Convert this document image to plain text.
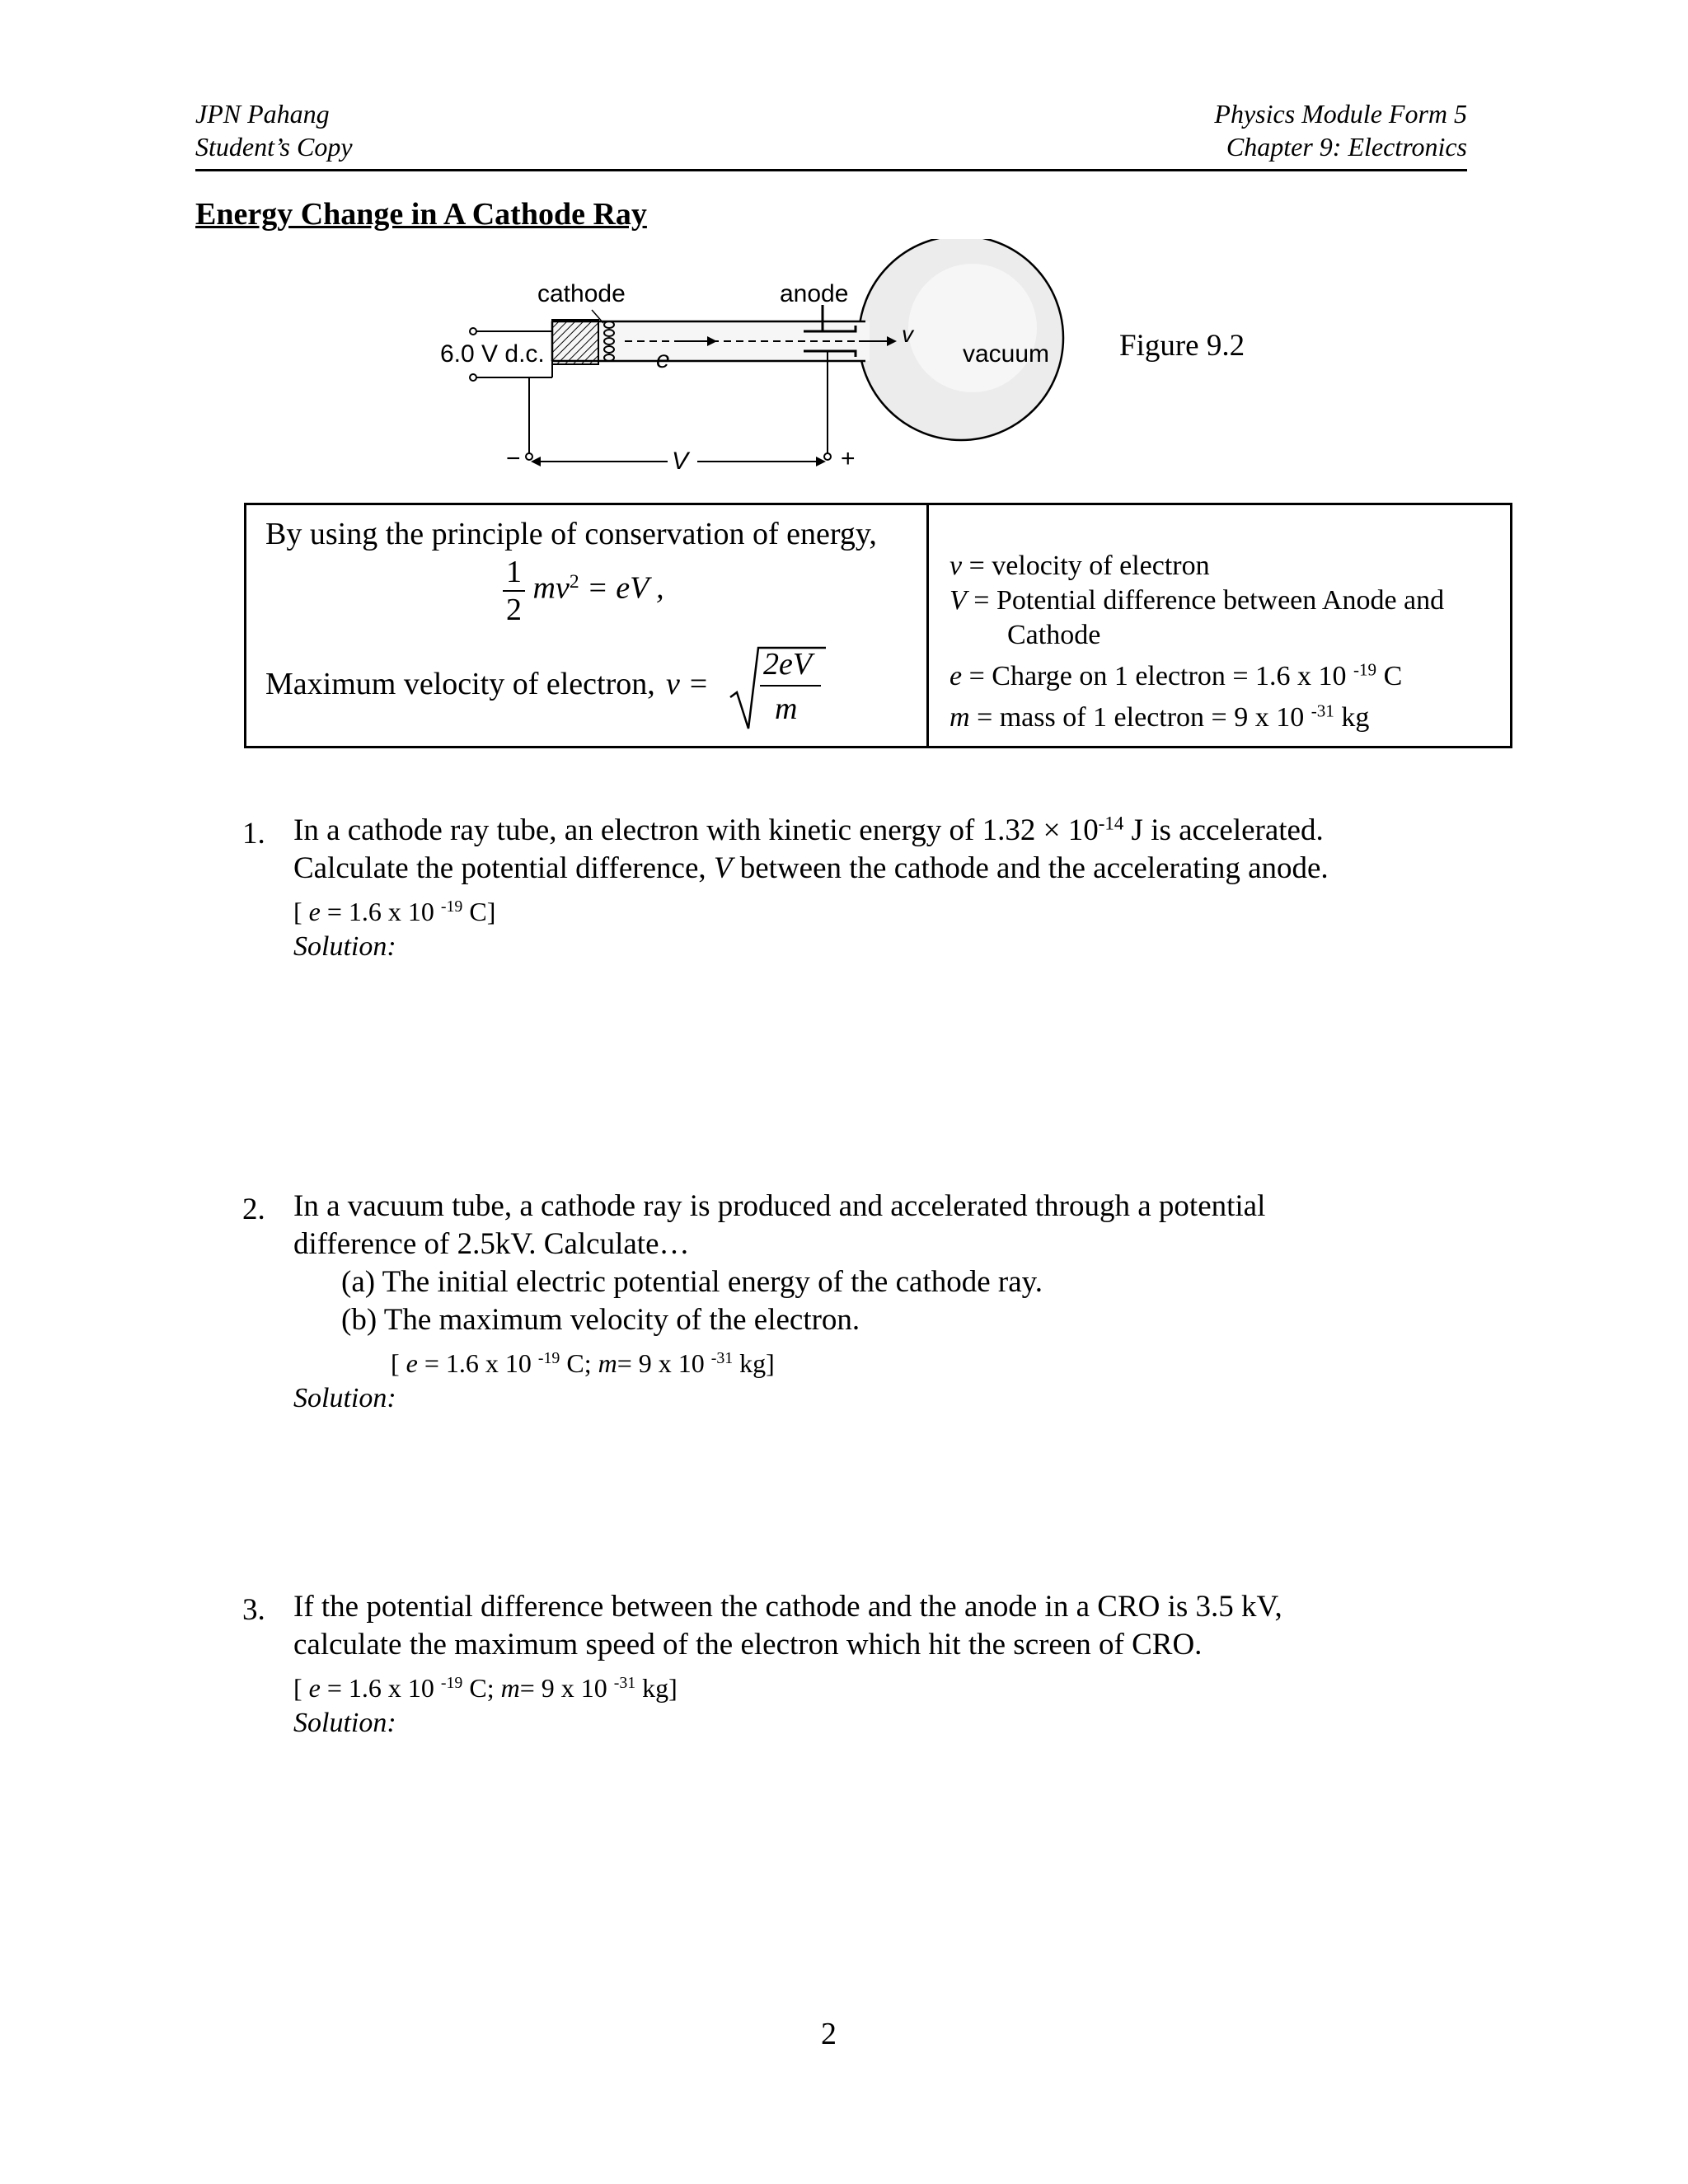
JPN Pahang
Student’s Copy
Physics Module Form 5
Chapter 9: Electronics
Energy Change in A Cathode Ray
cathode	anode
6.0 V d.c.	e
v
vacuum
V
−	+
Figure 9.2
By using the principle of conservation of energy,
$\frac{1}{2} mv^2$ = eV ,
Maximum velocity of electron, v =
2eV
m
v = velocity of electron
V = Potential difference between Anode and
Cathode
e = Charge on 1 electron = 1.6 x 10 $^{-19}$ C
m = mass of 1 electron = 9 x 10 $^{-31}$ kg
1. In a cathode ray tube, an electron with kinetic energy of $1.32 \times 10^{-14}$ J is accelerated.
Calculate the potential difference, V between the cathode and the accelerating anode.
[ e = 1.6 x 10 $^{-19}$ C]
Solution:
2. In a vacuum tube, a cathode ray is produced and accelerated through a potential
difference of 2.5kV. Calculate…
(a) The initial electric potential energy of the cathode ray.
(b) The maximum velocity of the electron.
[ e = 1.6 x 10 $^{-19}$ C; m= 9 x 10 $^{-31}$ kg]
Solution:
3. If the potential difference between the cathode and the anode in a CRO is 3.5 kV,
calculate the maximum speed of the electron which hit the screen of CRO.
[ e = 1.6 x 10 $^{-19}$ C; m= 9 x 10 $^{-31}$ kg]
Solution:
2
